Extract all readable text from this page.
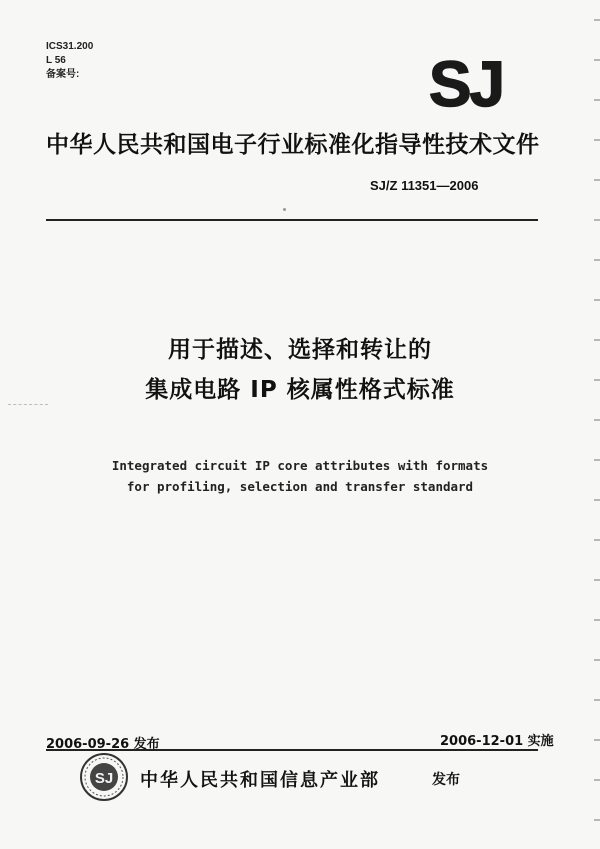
ICS31.200
L 56
备案号:	SJ
中华人民共和国电子行业标准化指导性技术文件
SJ/Z 11351—2006
用于描述、选择和转让的
集成电路 IP 核属性格式标准
Integrated circuit IP core attributes with formats
for profiling, selection and transfer standard
2006-09-26 发布	2006-12-01 实施
SJ 中华人民共和国信息产业部	发布
